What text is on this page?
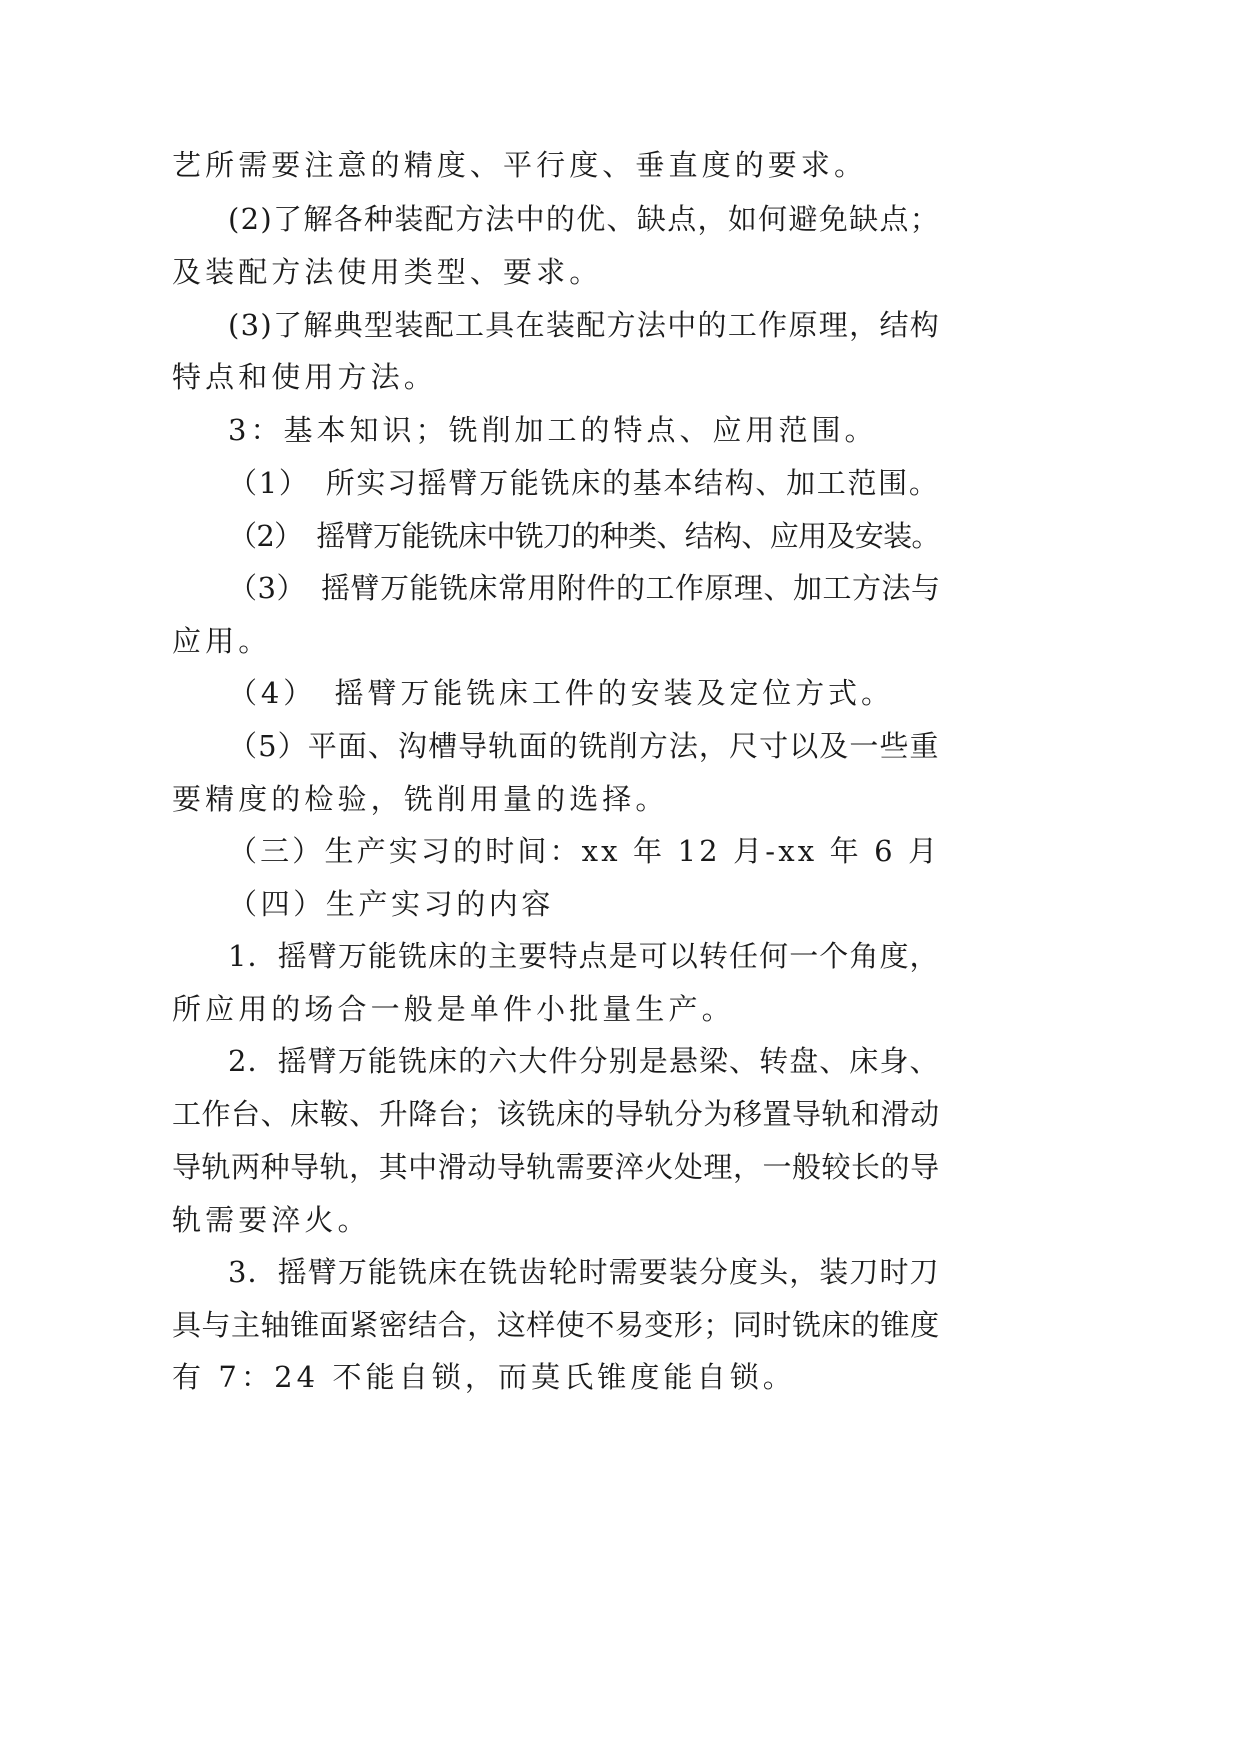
艺所需要注意的精度、平行度、垂直度的要求。
(2)了解各种装配方法中的优、缺点，如何避免缺点；
及装配方法使用类型、要求。
(3)了解典型装配工具在装配方法中的工作原理，结构
特点和使用方法。
3：基本知识；铣削加工的特点、应用范围。
（1）　所实习摇臂万能铣床的基本结构、加工范围。
（2）　摇臂万能铣床中铣刀的种类、结构、应用及安装。
（3）　摇臂万能铣床常用附件的工作原理、加工方法与
应用。
（4）　摇臂万能铣床工件的安装及定位方式。
（5）平面、沟槽导轨面的铣削方法，尺寸以及一些重
要精度的检验，铣削用量的选择。
（三）生产实习的时间：xx 年 12 月-xx 年 6 月
（四）生产实习的内容
1．摇臂万能铣床的主要特点是可以转任何一个角度，
所应用的场合一般是单件小批量生产。
2．摇臂万能铣床的六大件分别是悬梁、转盘、床身、
工作台、床鞍、升降台；该铣床的导轨分为移置导轨和滑动
导轨两种导轨，其中滑动导轨需要淬火处理，一般较长的导
轨需要淬火。
3．摇臂万能铣床在铣齿轮时需要装分度头，装刀时刀
具与主轴锥面紧密结合，这样使不易变形；同时铣床的锥度
有 7：24 不能自锁，而莫氏锥度能自锁。
